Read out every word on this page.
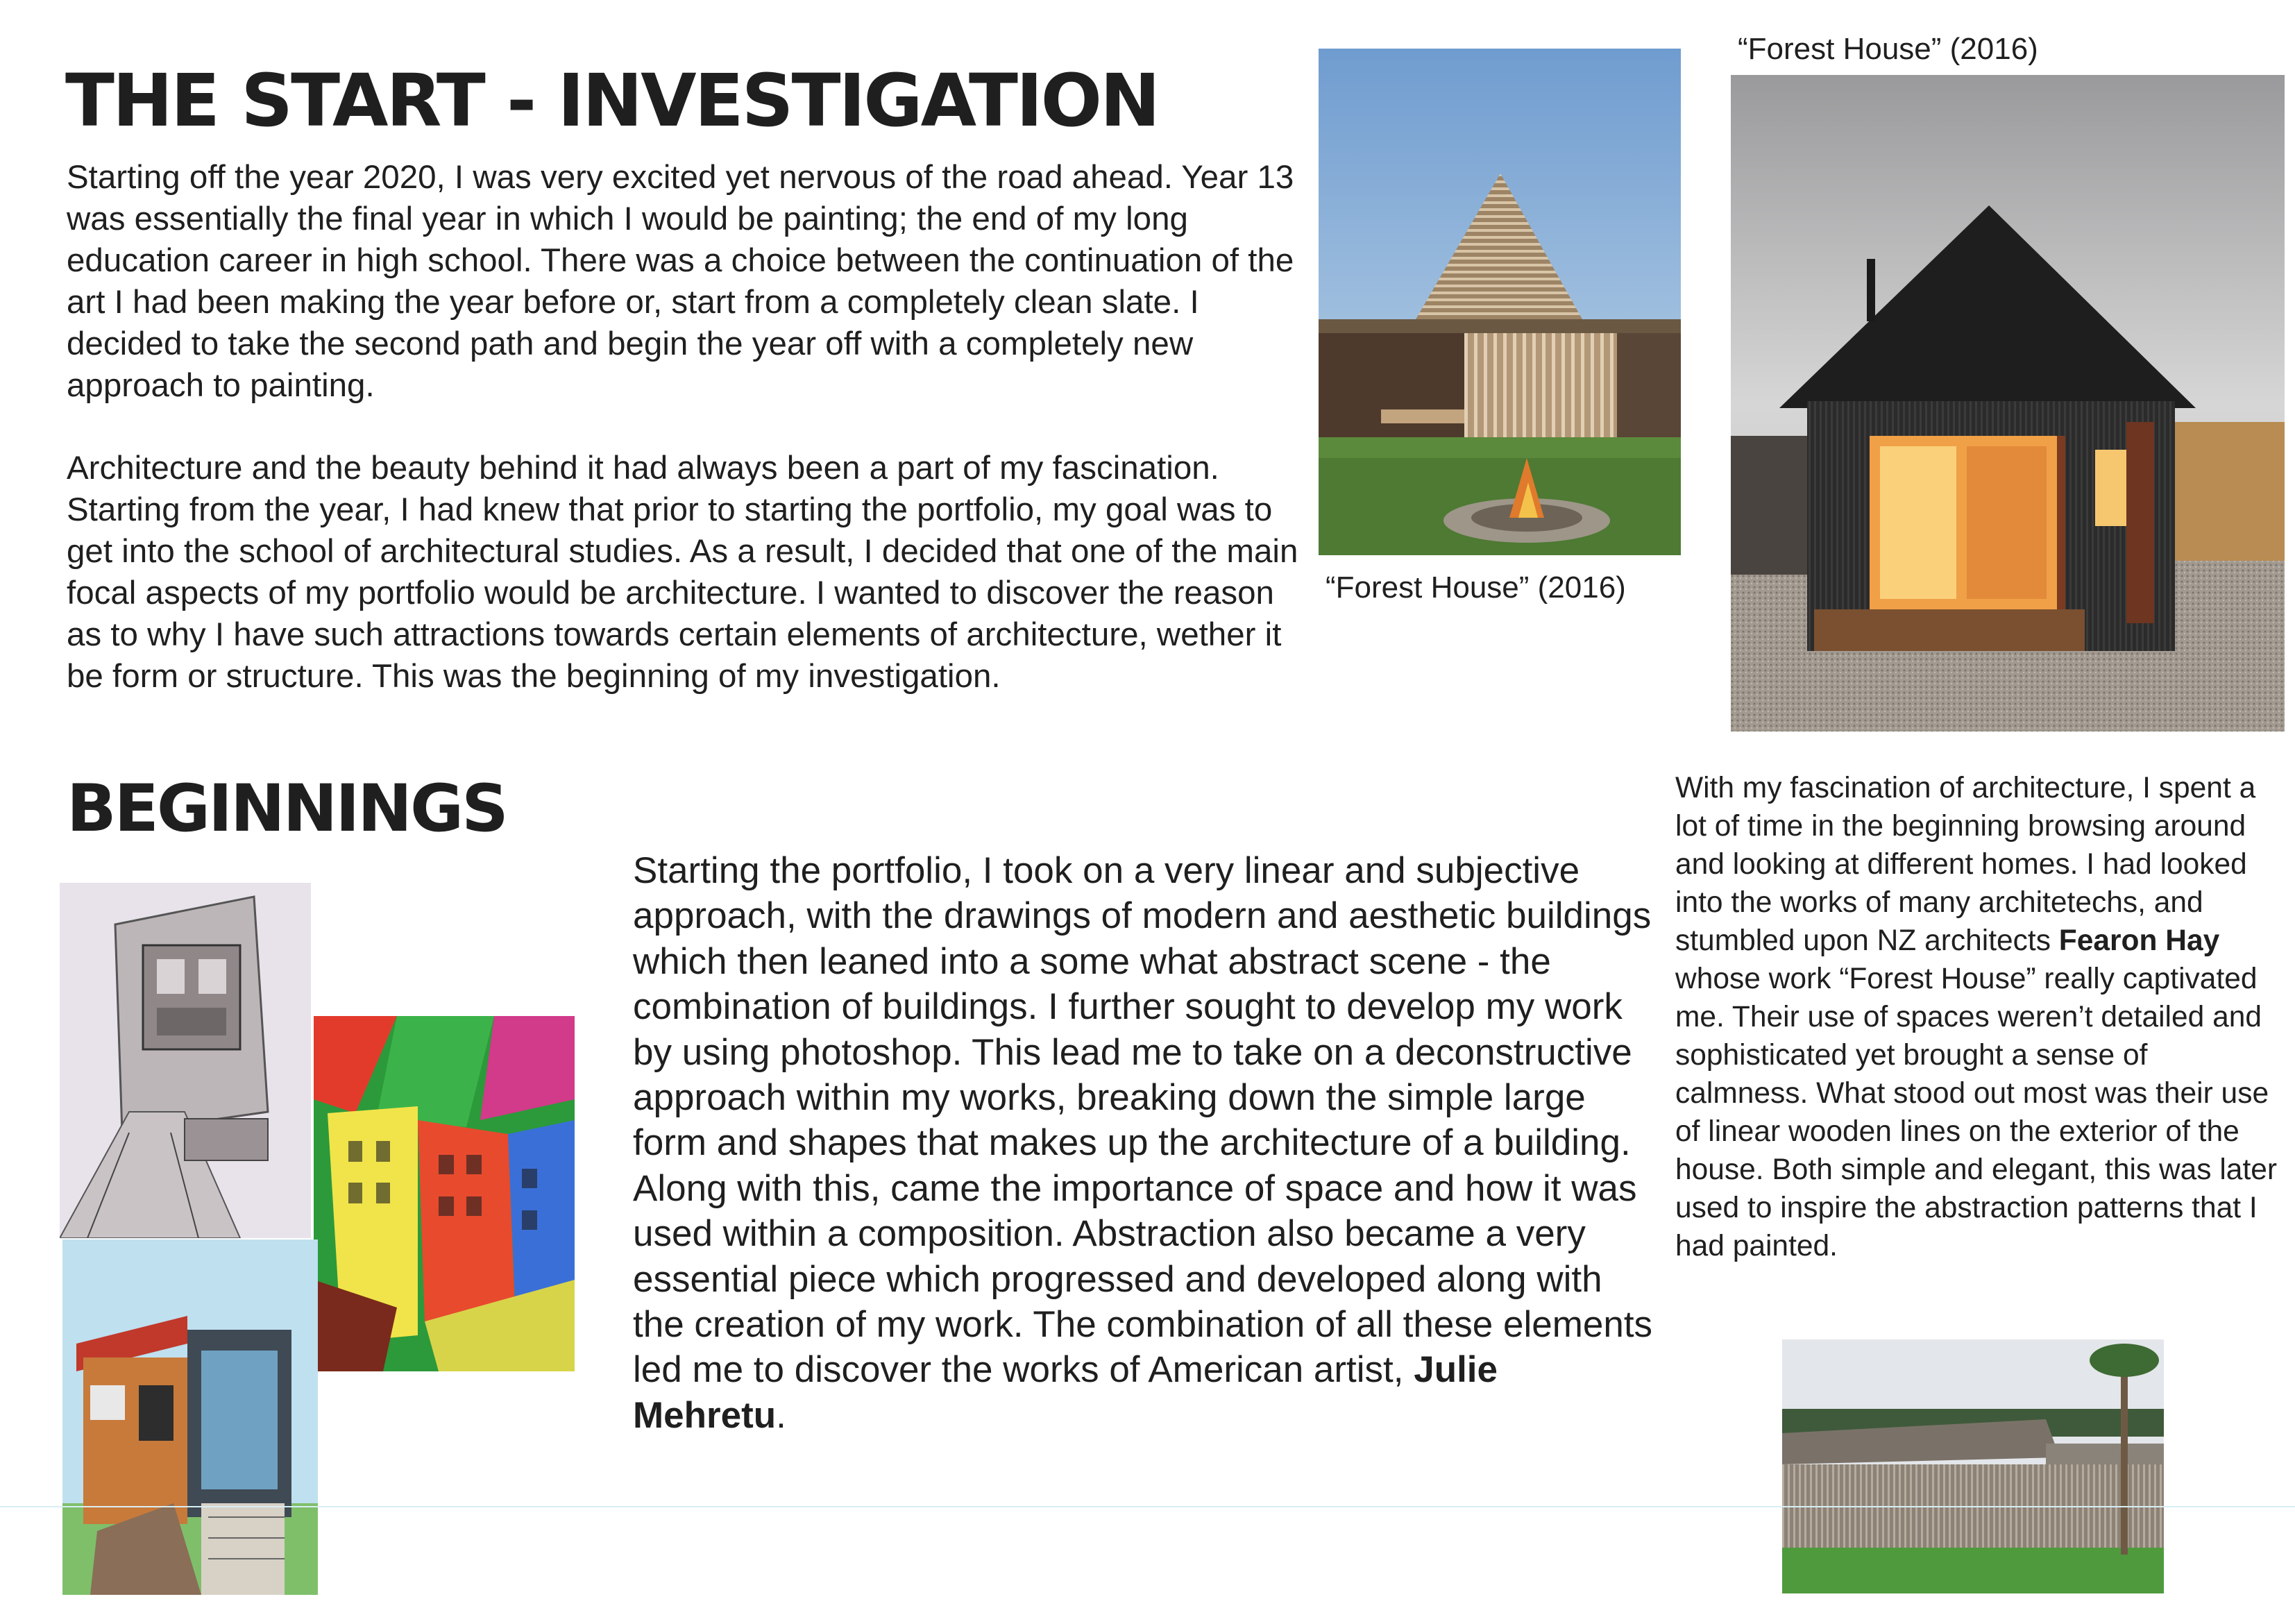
THE START - INVESTIGATION

Starting off the year 2020, I was very excited yet nervous of the road ahead. Year 13 was essentially the final year in which I would be painting; the end of my long education career in high school. There was a choice between the continuation of the art I had been making the year before or, start from a completely clean slate. I decided to take the second path and begin the year off with a completely new approach to painting.

Architecture and the beauty behind it had always been a part of my fascination. Starting from the year, I had knew that prior to starting the portfolio, my goal was to get into the school of architectural studies. As a result, I decided that one of the main focal aspects of my portfolio would be architecture. I wanted to discover the reason as to why I have such attractions towards certain elements of architecture, wether it be form or structure. This was the beginning of my investigation.

BEGINNINGS

Starting the portfolio, I took on a very linear and subjective approach, with the drawings of modern and aesthetic buildings which then leaned into a some what abstract scene - the combination of buildings. I further sought to develop my work by using photoshop. This lead me to take on a deconstructive approach within my works, breaking down the simple large form and shapes that makes up the architecture of a building. Along with this, came the importance of space and how it was used within a composition. Abstraction also became a very essential piece which progressed and developed along with the creation of my work. The combination of all these elements led me to discover the works of American artist, Julie Mehretu.

With my fascination of architecture, I spent a lot of time in the beginning browsing around and looking at different homes. I had looked into the works of many architetechs, and stumbled upon NZ architects Fearon Hay whose work “Forest House” really captivated me. Their use of spaces weren’t detailed and sophisticated yet brought a sense of calmness. What stood out most was their use of linear wooden lines on the exterior of the house. Both simple and elegant, this was later used to inspire the abstraction patterns that I had painted.

“Forest House” (2016)
“Forest House” (2016)
